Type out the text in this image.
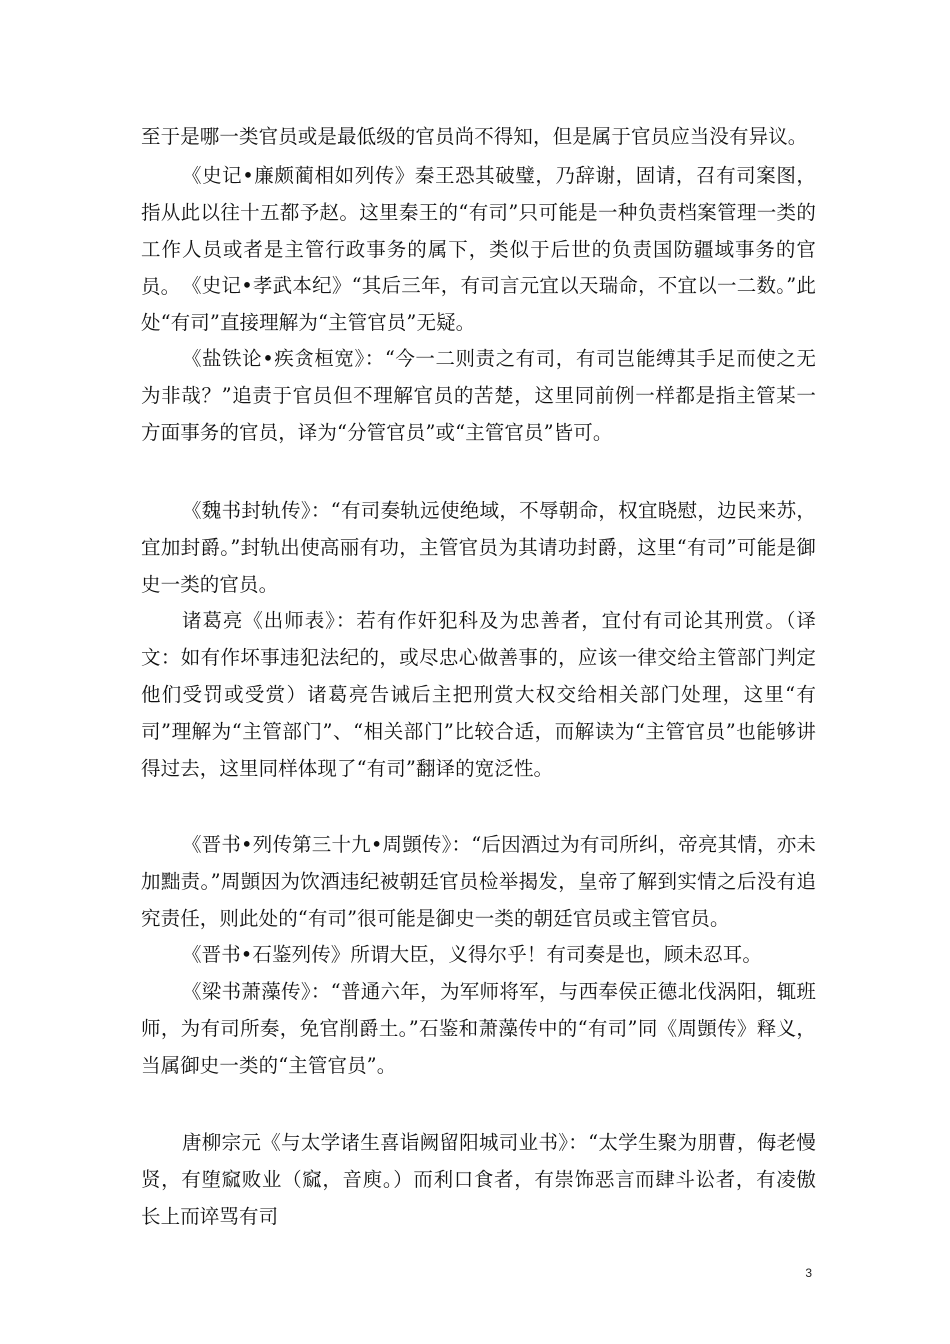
至于是哪一类官员或是最低级的官员尚不得知，但是属于官员应当没有异议。

《史记•廉颇蔺相如列传》秦王恐其破璧，乃辞谢，固请，召有司案图，指从此以往十五都予赵。这里秦王的“有司”只可能是一种负责档案管理一类的工作人员或者是主管行政事务的属下，类似于后世的负责国防疆域事务的官员。 《史记•孝武本纪》“其后三年，有司言元宜以天瑞命，不宜以一二数。”此处“有司”直接理解为“主管官员”无疑。

《盐铁论•疾贪桓宽》：“今一二则责之有司，有司岂能缚其手足而使之无为非哉？”追责于官员但不理解官员的苦楚，这里同前例一样都是指主管某一方面事务的官员，译为“分管官员”或“主管官员”皆可。

《魏书封轨传》：“有司奏轨远使绝域，不辱朝命，权宜晓慰，边民来苏，宜加封爵。”封轨出使高丽有功，主管官员为其请功封爵，这里“有司”可能是御史一类的官员。

诸葛亮《出师表》：若有作奸犯科及为忠善者，宜付有司论其刑赏。（译文：如有作坏事违犯法纪的，或尽忠心做善事的，应该一律交给主管部门判定他们受罚或受赏）诸葛亮告诫后主把刑赏大权交给相关部门处理，这里“有司”理解为“主管部门”、“相关部门”比较合适，而解读为“主管官员”也能够讲得过去，这里同样体现了“有司”翻译的宽泛性。

《晋书•列传第三十九•周顗传》：“后因酒过为有司所纠，帝亮其情，亦未加黜责。”周顗因为饮酒违纪被朝廷官员检举揭发，皇帝了解到实情之后没有追究责任，则此处的“有司”很可能是御史一类的朝廷官员或主管官员。

《晋书•石鉴列传》所谓大臣，义得尔乎！有司奏是也，顾未忍耳。

《梁书萧藻传》：“普通六年，为军师将军，与西奉侯正德北伐涡阳，辄班师，为有司所奏，免官削爵土。”石鉴和萧藻传中的“有司”同《周顗传》释义，当属御史一类的“主管官员”。

唐柳宗元《与太学诸生喜诣阙留阳城司业书》：“太学生聚为朋曹，侮老慢贤，有堕窳败业（窳，音庾。）而利口食者，有崇饰恶言而肆斗讼者，有凌傲长上而谇骂有司

3
